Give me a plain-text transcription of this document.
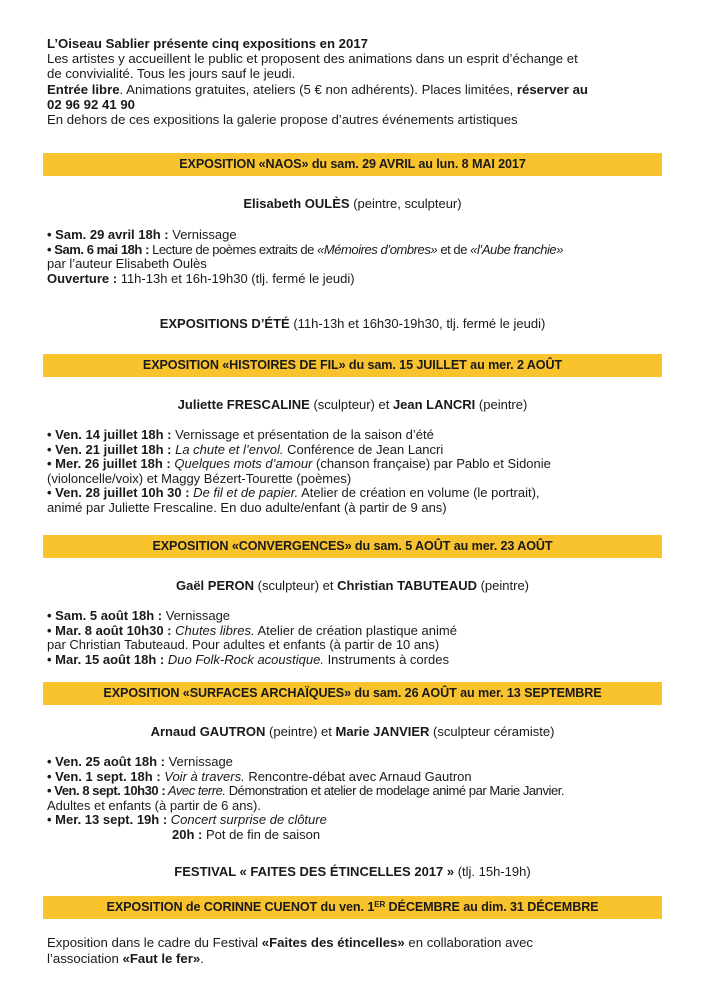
L’Oiseau Sablier présente cinq expositions en 2017
Les artistes y accueillent le public et proposent des animations dans un esprit d’échange et
de convivialité. Tous les jours sauf le jeudi.
Entrée libre. Animations gratuites, ateliers (5 € non adhérents). Places limitées, réserver au
02 96 92 41 90
En dehors de ces expositions la galerie propose d’autres événements artistiques
EXPOSITION «NAOS» du sam. 29 AVRIL au lun. 8 MAI 2017
Elisabeth OULÈS (peintre, sculpteur)
• Sam. 29 avril 18h : Vernissage
• Sam. 6 mai 18h : Lecture de poèmes extraits de «Mémoires d’ombres» et de «l’Aube franchie»
par l’auteur Elisabeth Oulès
Ouverture : 11h-13h et 16h-19h30 (tlj. fermé le jeudi)
EXPOSITIONS D’ÉTÉ (11h-13h et 16h30-19h30, tlj. fermé le jeudi)
EXPOSITION «HISTOIRES DE FIL» du sam. 15 JUILLET au mer. 2 AOÛT
Juliette FRESCALINE (sculpteur) et Jean LANCRI (peintre)
• Ven. 14 juillet 18h : Vernissage et présentation de la saison d’été
• Ven. 21 juillet 18h : La chute et l’envol. Conférence de Jean Lancri
• Mer. 26 juillet 18h : Quelques mots d’amour (chanson française) par Pablo et Sidonie
(violoncelle/voix) et Maggy Bézert-Tourette (poèmes)
• Ven. 28 juillet 10h 30 : De fil et de papier. Atelier de création en volume (le portrait),
animé par Juliette Frescaline. En duo adulte/enfant (à partir de 9 ans)
EXPOSITION «CONVERGENCES» du sam. 5 AOÛT au mer. 23 AOÛT
Gaël PERON (sculpteur) et Christian TABUTEAUD (peintre)
• Sam. 5 août 18h : Vernissage
• Mar. 8 août 10h30 : Chutes libres. Atelier de création plastique animé
par Christian Tabuteaud. Pour adultes et enfants (à partir de 10 ans)
• Mar. 15 août 18h : Duo Folk-Rock acoustique. Instruments à cordes
EXPOSITION «SURFACES ARCHAÏQUES» du sam. 26 AOÛT au mer. 13 SEPTEMBRE
Arnaud GAUTRON (peintre) et Marie JANVIER (sculpteur céramiste)
• Ven. 25 août 18h : Vernissage
• Ven. 1 sept. 18h : Voir à travers. Rencontre-débat avec Arnaud Gautron
• Ven. 8 sept. 10h30 : Avec terre. Démonstration et atelier de modelage animé par Marie Janvier.
Adultes et enfants (à partir de 6 ans).
• Mer. 13 sept. 19h : Concert surprise de clôture
20h : Pot de fin de saison
FESTIVAL « FAITES DES ÉTINCELLES 2017 » (tlj. 15h-19h)
EXPOSITION de CORINNE CUENOT du ven. 1ER DÉCEMBRE au dim. 31 DÉCEMBRE
Exposition dans le cadre du Festival «Faites des étincelles» en collaboration avec
l’association «Faut le fer».
